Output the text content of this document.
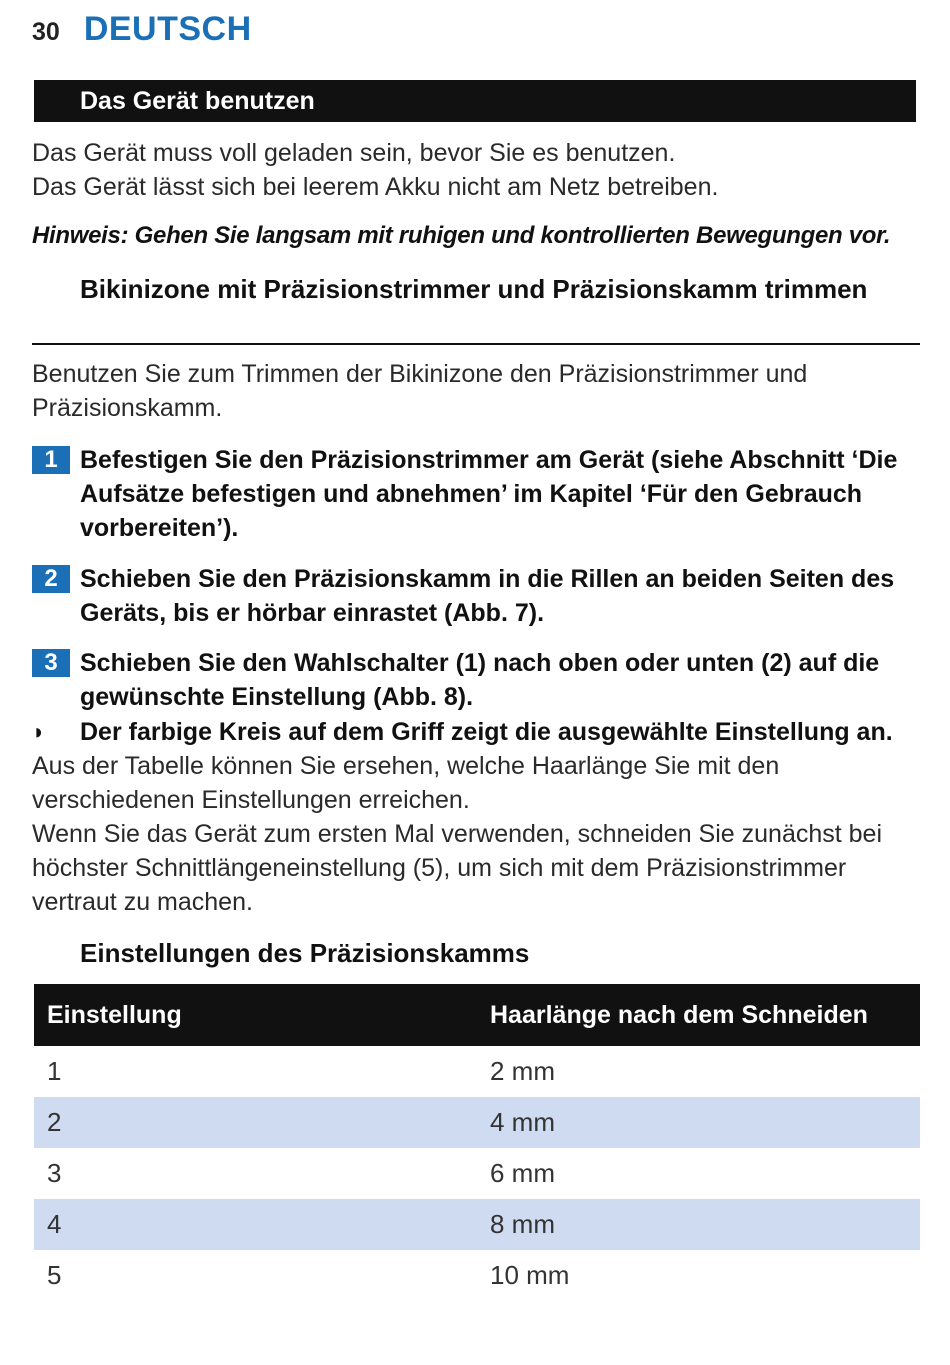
30 DEUTSCH
Das Gerät benutzen
Das Gerät muss voll geladen sein, bevor Sie es benutzen.
Das Gerät lässt sich bei leerem Akku nicht am Netz betreiben.
Hinweis: Gehen Sie langsam mit ruhigen und kontrollierten Bewegungen vor.
Bikinizone mit Präzisionstrimmer und Präzisionskamm trimmen
Benutzen Sie zum Trimmen der Bikinizone den Präzisionstrimmer und Präzisionskamm.
1 Befestigen Sie den Präzisionstrimmer am Gerät (siehe Abschnitt ‘Die Aufsätze befestigen und abnehmen’ im Kapitel ‘Für den Gebrauch vorbereiten’).
2 Schieben Sie den Präzisionskamm in die Rillen an beiden Seiten des Geräts, bis er hörbar einrastet (Abb. 7).
3 Schieben Sie den Wahlschalter (1) nach oben oder unten (2) auf die gewünschte Einstellung (Abb. 8).
◗	Der farbige Kreis auf dem Griff zeigt die ausgewählte Einstellung an.
Aus der Tabelle können Sie ersehen, welche Haarlänge Sie mit den verschiedenen Einstellungen erreichen.
Wenn Sie das Gerät zum ersten Mal verwenden, schneiden Sie zunächst bei höchster Schnittlängeneinstellung (5), um sich mit dem Präzisionstrimmer vertraut zu machen.
Einstellungen des Präzisionskamms
Einstellung	Haarlänge nach dem Schneiden
1	2 mm
2	4 mm
3	6 mm
4	8 mm
5	10 mm
